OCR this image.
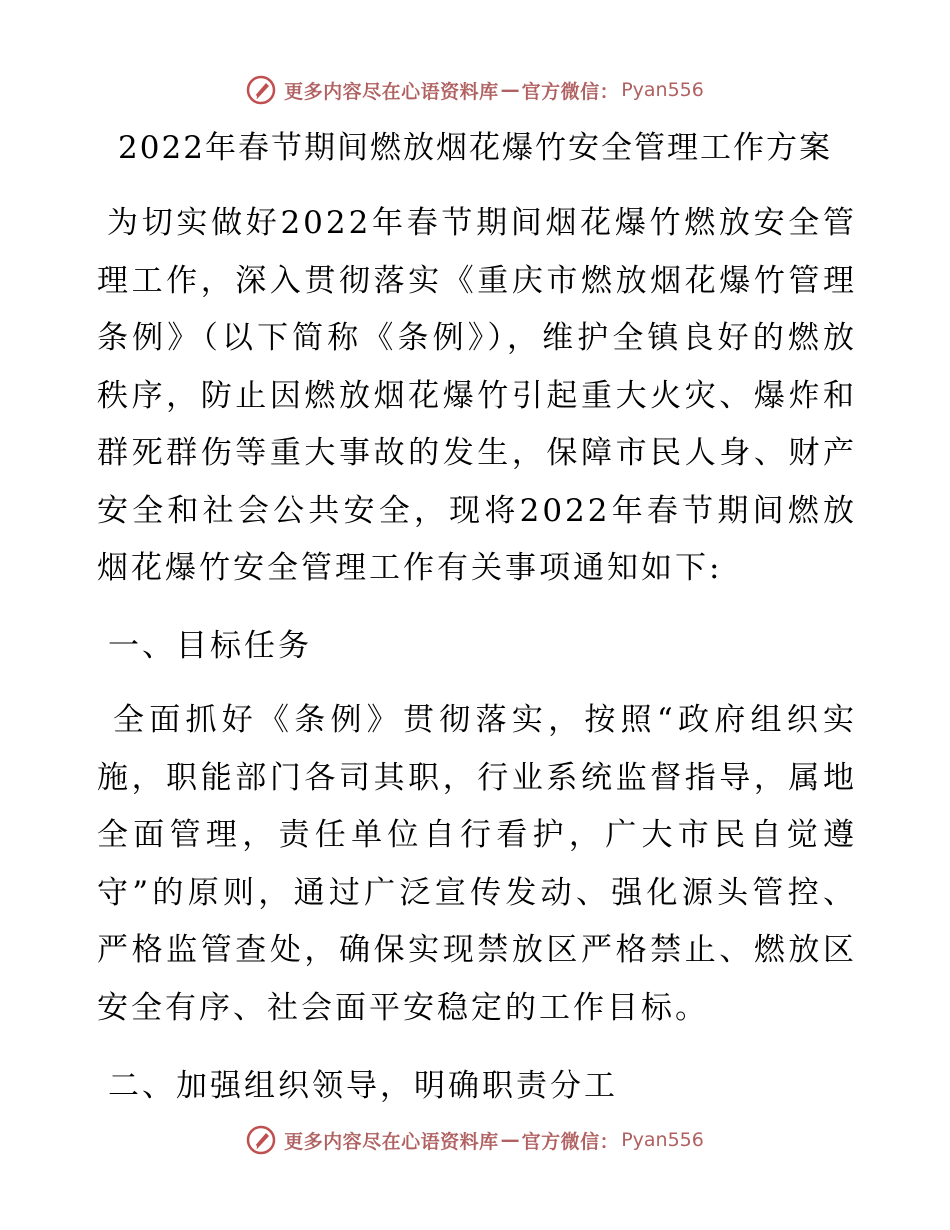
更多内容尽在心语资料库 — 官方微信： Pyan556
2022年春节期间燃放烟花爆竹安全管理工作方案
为切实做好2022年春节期间烟花爆竹燃放安全管理工作，深入贯彻落实《重庆市燃放烟花爆竹管理条例》（以下简称《条例》），维护全镇良好的燃放秩序，防止因燃放烟花爆竹引起重大火灾、爆炸和群死群伤等重大事故的发生，保障市民人身、财产安全和社会公共安全，现将2022年春节期间燃放烟花爆竹安全管理工作有关事项通知如下:
一、目标任务
全面抓好《条例》贯彻落实，按照“政府组织实施，职能部门各司其职，行业系统监督指导，属地全面管理，责任单位自行看护，广大市民自觉遵守”的原则，通过广泛宣传发动、强化源头管控、严格监管查处，确保实现禁放区严格禁止、燃放区安全有序、社会面平安稳定的工作目标。
二、加强组织领导，明确职责分工
更多内容尽在心语资料库 — 官方微信： Pyan556
